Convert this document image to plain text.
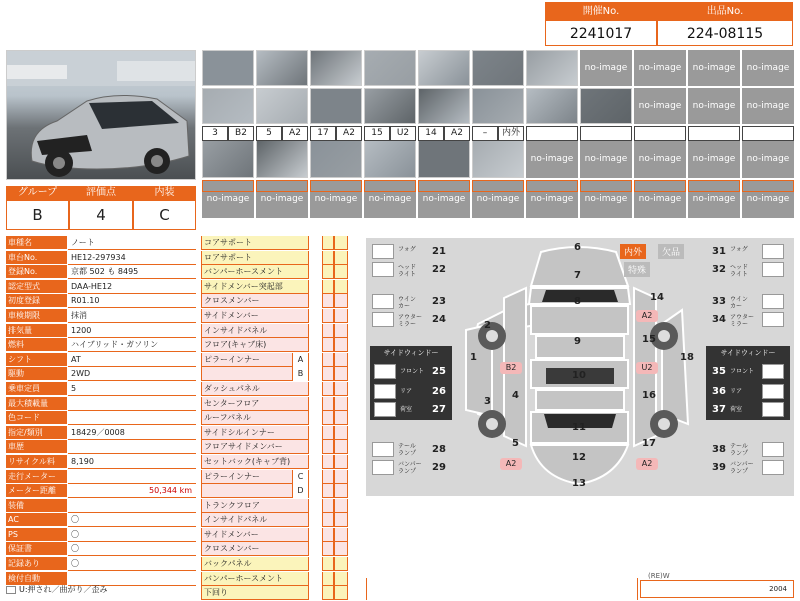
開催No.
2241017
出品No.
224-08115
no-image	no-image	no-image	no-image
no-image	no-image	no-image
no-image	no-image	no-image	no-image	no-image
no-image	no-image	no-image	no-image	no-image	no-image	no-image	no-image	no-image	no-image	no-image
3	B2	5	A2	17	A2	15	U2	14	A2	–	内外
グループ	評価点	内装
B	4	C
車種名	ノート
車台No.	HE12-297934
登録No.	京都 502 も 8495
認定型式	DAA-HE12
初度登録	R01.10
車検期限	抹消
排気量	1200
燃料	ハイブリッド・ガソリン
シフト	AT
駆動	2WD
乗車定員	5
最大積載量
色コード
指定/類別	18429／0008
車歴
リサイクル料	8,190
走行メーター
メーター距離	50,344 km
装備
AC	〇
PS	〇
保証書	〇
記録あり	〇
検付自動
U:押され／曲がり／歪み
コアサポート
ロアサポート
バンパーホースメント
サイドメンバー突起部
クロスメンバー
サイドメンバー
インサイドパネル
フロア(キャブ床)
ピラーインナー	A
B
ダッシュパネル
センターフロア
ルーフパネル
サイドシルインナー
フロアサイドメンバー
セットバック(キャブ背)
ピラーインナー	C
D
トランクフロア
インサイドパネル
サイドメンバー
クロスメンバー
バックパネル
バンパーホースメント
下回り
内外	欠品
特殊
フォグ 21
ヘッド
ライト 22
ウイン
カー	23
アウター
ミラー	24
31 フォグ
32 ヘッド
ライト
33 ウイン
カー
34 アウター
ミラー
テール
ランプ 28
バンパー
ランプ	29
38 テール
ランプ
39 バンパー
ランプ
1
2
3
4
5
6
7
8
9
10
11
12
13
14
15
16
17
18
A2
B2	U2
A2	A2
サイドウィンドー	サイドウィンドー
フロント 25
リア 26
荷室 27
35 フロント
36 リア
37 荷室
(RE)W
2004
